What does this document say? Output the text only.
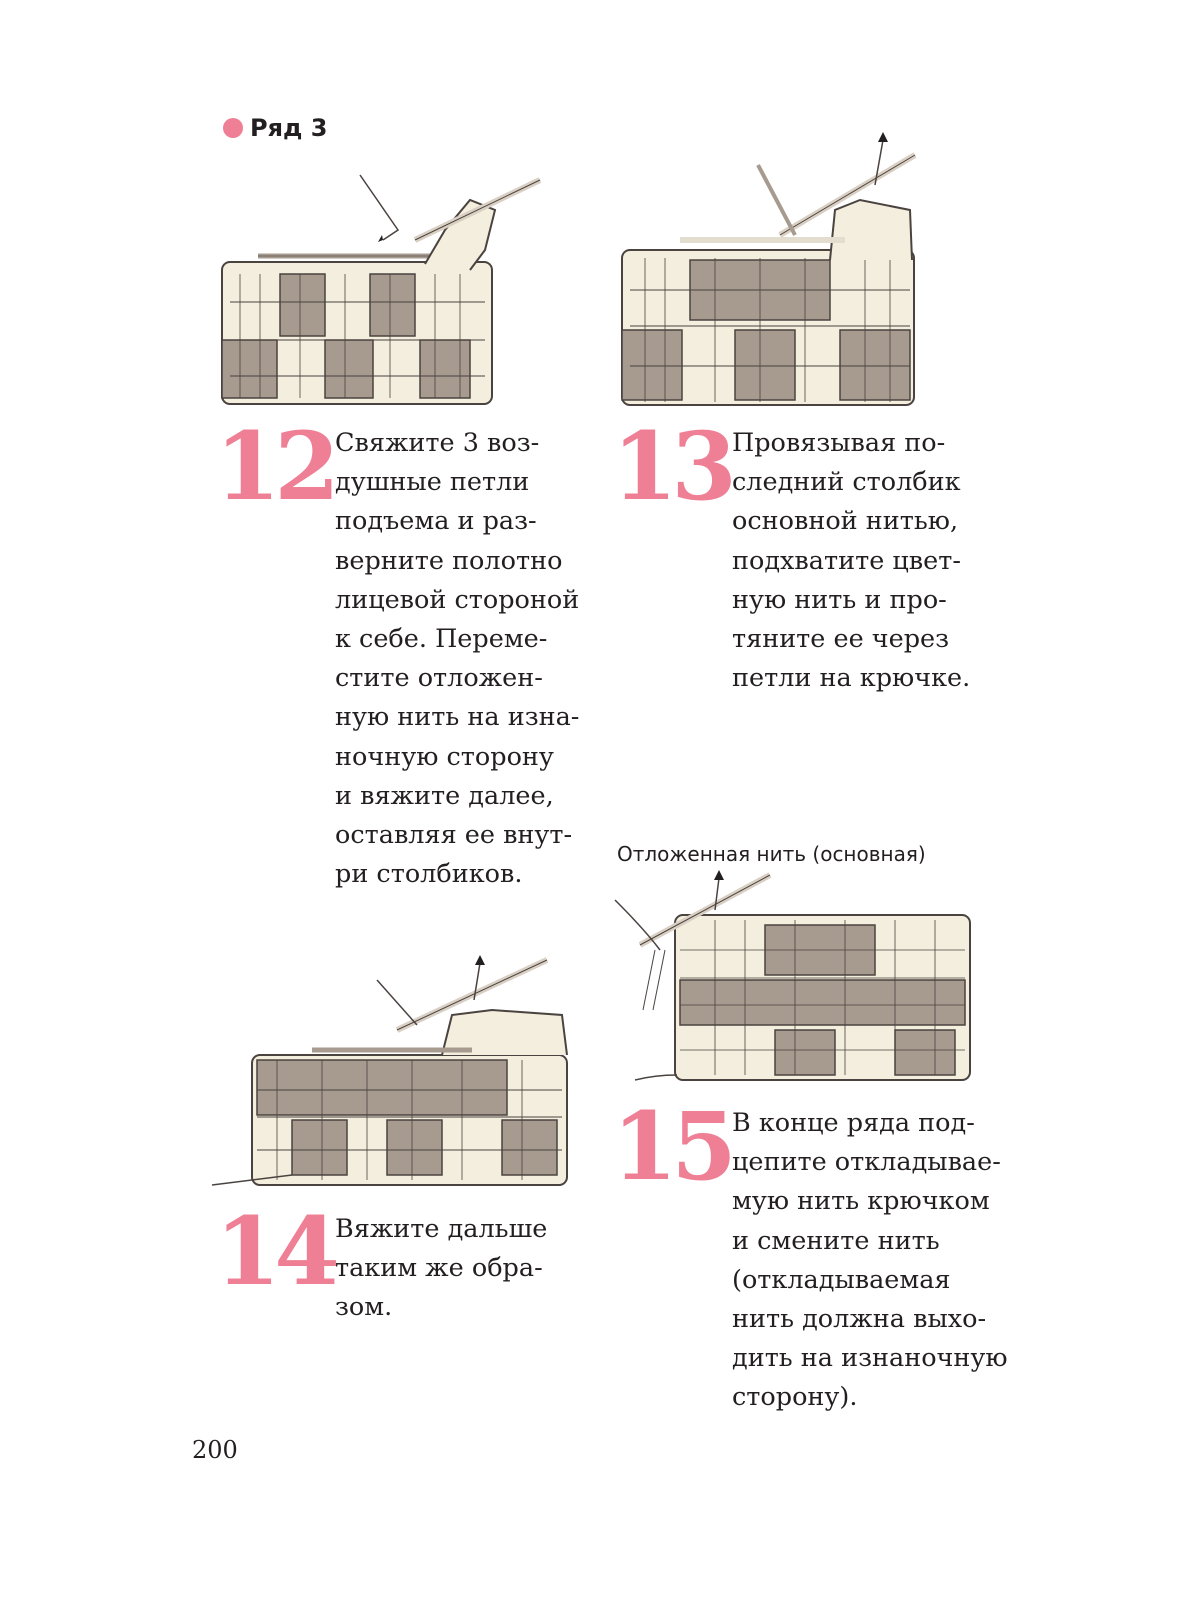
Ряд 3
12 Свяжите 3 воз-
душные петли
подъема и раз-
верните полотно
лицевой стороной
к себе. Переме-
стите отложен-
ную нить на изна-
ночную сторону
и вяжите далее,
оставляя ее внут-
ри столбиков.
13 Провязывая по-
следний столбик
основной нитью,
подхватите цвет-
ную нить и про-
тяните ее через
петли на крючке.
14 Вяжите дальше
таким же обра-
зом.
Отложенная нить (основная)
15 В конце ряда под-
цепите откладывае-
мую нить крючком
и смените нить
(откладываемая
нить должна выхо-
дить на изнаночную
сторону).
200
